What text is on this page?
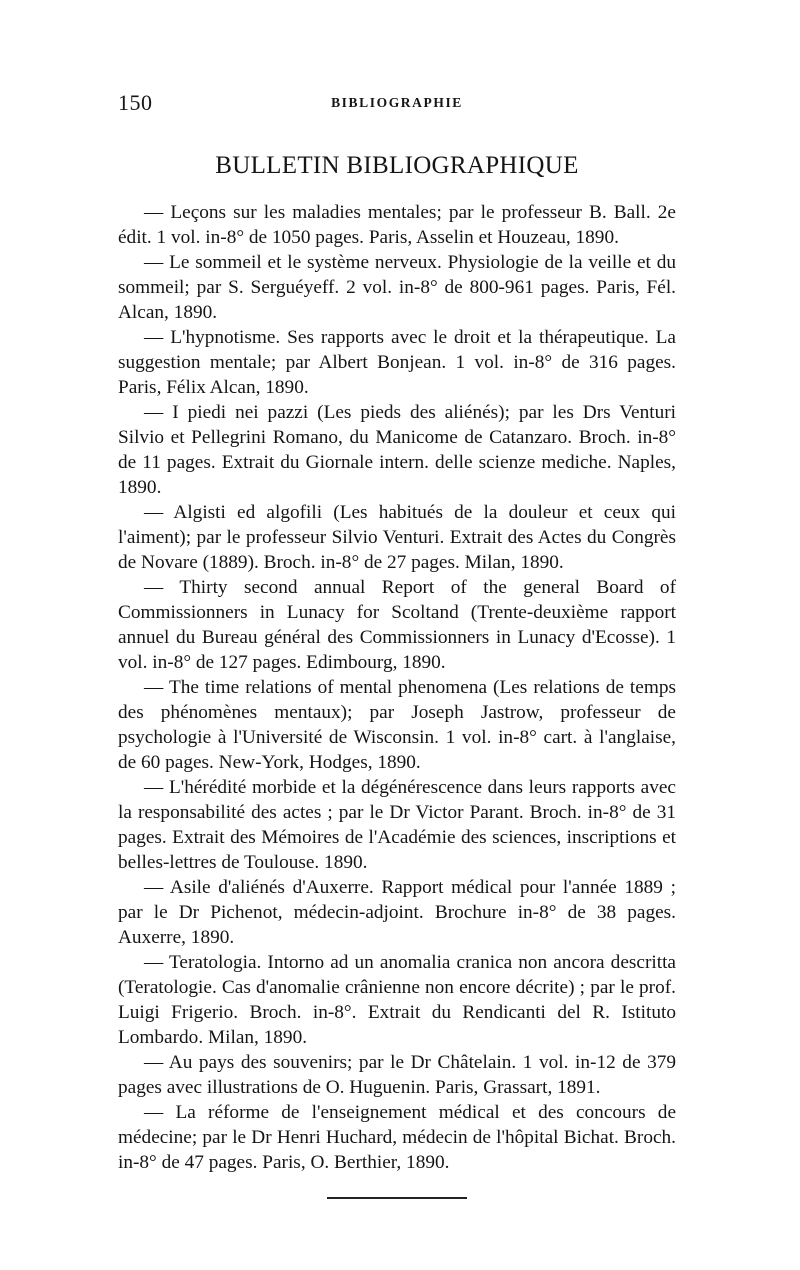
150	BIBLIOGRAPHIE
BULLETIN BIBLIOGRAPHIQUE

— Leçons sur les maladies mentales; par le professeur B. Ball. 2e édit. 1 vol. in-8° de 1050 pages. Paris, Asselin et Houzeau, 1890.

— Le sommeil et le système nerveux. Physiologie de la veille et du sommeil; par S. Serguéyeff. 2 vol. in-8° de 800-961 pages. Paris, Fél. Alcan, 1890.

— L'hypnotisme. Ses rapports avec le droit et la thérapeutique. La suggestion mentale; par Albert Bonjean. 1 vol. in-8° de 316 pages. Paris, Félix Alcan, 1890.

— I piedi nei pazzi (Les pieds des aliénés); par les Drs Venturi Silvio et Pellegrini Romano, du Manicome de Catanzaro. Broch. in-8° de 11 pages. Extrait du Giornale intern. delle scienze mediche. Naples, 1890.

— Algisti ed algofili (Les habitués de la douleur et ceux qui l'aiment); par le professeur Silvio Venturi. Extrait des Actes du Congrès de Novare (1889). Broch. in-8° de 27 pages. Milan, 1890.

— Thirty second annual Report of the general Board of Commissionners in Lunacy for Scoltand (Trente-deuxième rapport annuel du Bureau général des Commissionners in Lunacy d'Ecosse). 1 vol. in-8° de 127 pages. Edimbourg, 1890.

— The time relations of mental phenomena (Les relations de temps des phénomènes mentaux); par Joseph Jastrow, professeur de psychologie à l'Université de Wisconsin. 1 vol. in-8° cart. à l'anglaise, de 60 pages. New-York, Hodges, 1890.

— L'hérédité morbide et la dégénérescence dans leurs rapports avec la responsabilité des actes ; par le Dr Victor Parant. Broch. in-8° de 31 pages. Extrait des Mémoires de l'Académie des sciences, inscriptions et belles-lettres de Toulouse. 1890.

— Asile d'aliénés d'Auxerre. Rapport médical pour l'année 1889 ; par le Dr Pichenot, médecin-adjoint. Brochure in-8° de 38 pages. Auxerre, 1890.

— Teratologia. Intorno ad un anomalia cranica non ancora descritta (Teratologie. Cas d'anomalie crânienne non encore décrite) ; par le prof. Luigi Frigerio. Broch. in-8°. Extrait du Rendicanti del R. Istituto Lombardo. Milan, 1890.

— Au pays des souvenirs; par le Dr Châtelain. 1 vol. in-12 de 379 pages avec illustrations de O. Huguenin. Paris, Grassart, 1891.

— La réforme de l'enseignement médical et des concours de médecine; par le Dr Henri Huchard, médecin de l'hôpital Bichat. Broch. in-8° de 47 pages. Paris, O. Berthier, 1890.
